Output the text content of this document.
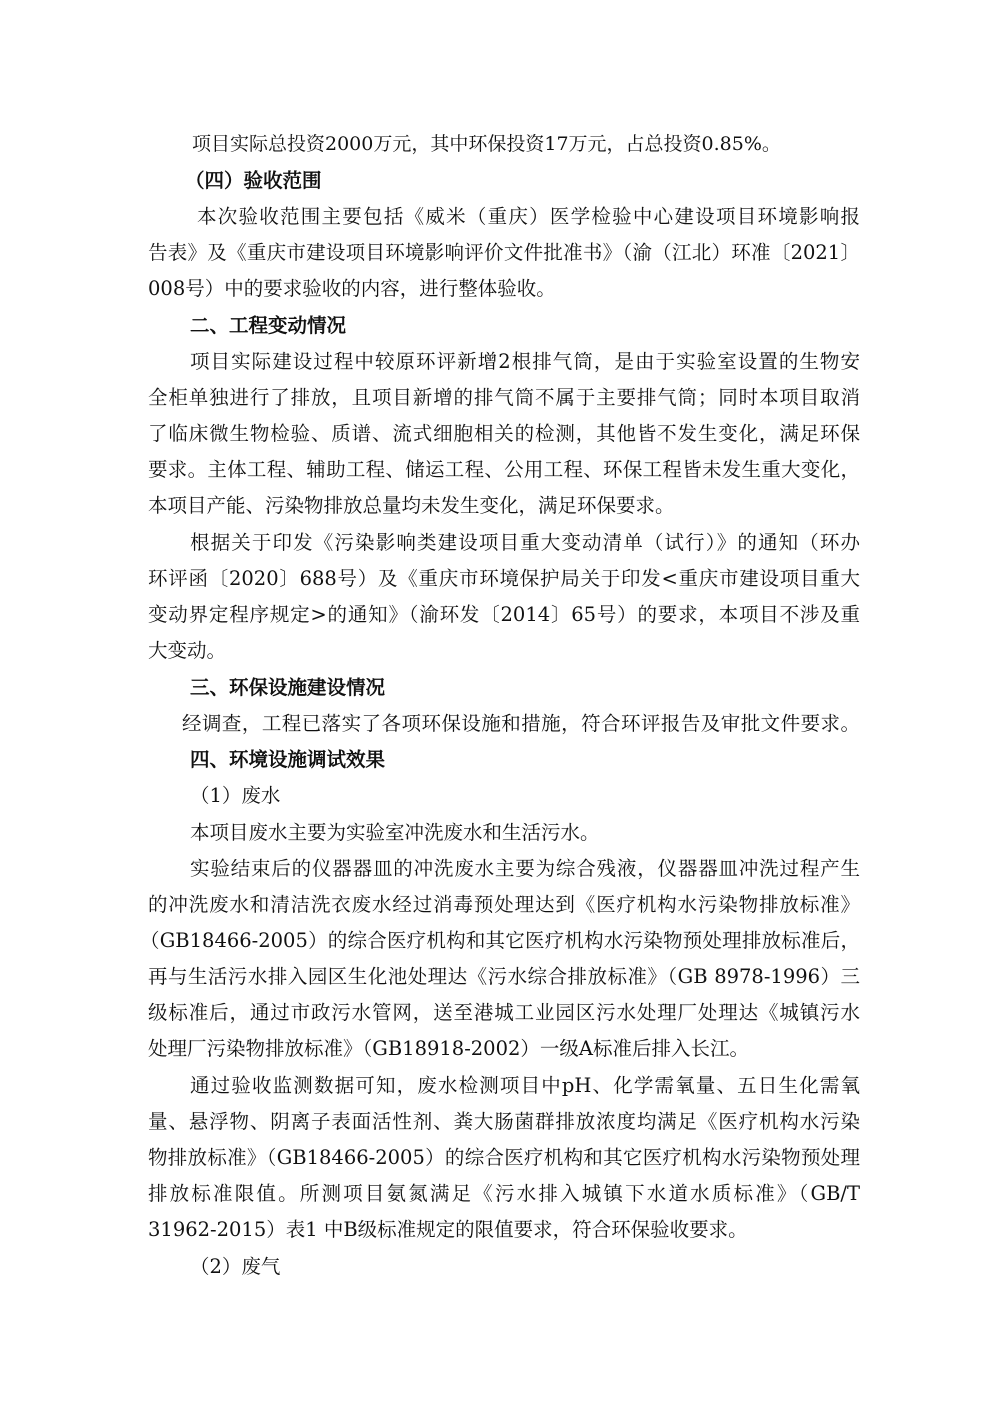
项目实际总投资2000万元，其中环保投资17万元，占总投资0.85%。
（四）验收范围
本次验收范围主要包括《威米（重庆）医学检验中心建设项目环境影响报
告表》及《重庆市建设项目环境影响评价文件批准书》（渝（江北）环准〔2021〕
008号）中的要求验收的内容，进行整体验收。
二、工程变动情况
项目实际建设过程中较原环评新增2根排气筒，是由于实验室设置的生物安
全柜单独进行了排放，且项目新增的排气筒不属于主要排气筒；同时本项目取消
了临床微生物检验、质谱、流式细胞相关的检测，其他皆不发生变化，满足环保
要求。主体工程、辅助工程、储运工程、公用工程、环保工程皆未发生重大变化，
本项目产能、污染物排放总量均未发生变化，满足环保要求。
根据关于印发《污染影响类建设项目重大变动清单（试行）》的通知（环办
环评函〔2020〕688号）及《重庆市环境保护局关于印发<重庆市建设项目重大
变动界定程序规定>的通知》（渝环发〔2014〕65号）的要求，本项目不涉及重
大变动。
三、环保设施建设情况
经调查，工程已落实了各项环保设施和措施，符合环评报告及审批文件要求。
四、环境设施调试效果
（1）废水
本项目废水主要为实验室冲洗废水和生活污水。
实验结束后的仪器器皿的冲洗废水主要为综合残液，仪器器皿冲洗过程产生
的冲洗废水和清洁洗衣废水经过消毒预处理达到《医疗机构水污染物排放标准》
（GB18466-2005）的综合医疗机构和其它医疗机构水污染物预处理排放标准后，
再与生活污水排入园区生化池处理达《污水综合排放标准》（GB 8978-1996）三
级标准后，通过市政污水管网，送至港城工业园区污水处理厂处理达《城镇污水
处理厂污染物排放标准》（GB18918-2002）一级A标准后排入长江。
通过验收监测数据可知，废水检测项目中pH、化学需氧量、五日生化需氧
量、悬浮物、阴离子表面活性剂、粪大肠菌群排放浓度均满足《医疗机构水污染
物排放标准》（GB18466-2005）的综合医疗机构和其它医疗机构水污染物预处理
排放标准限值。所测项目氨氮满足《污水排入城镇下水道水质标准》（GB/T
31962-2015）表1 中B级标准规定的限值要求，符合环保验收要求。
（2）废气
